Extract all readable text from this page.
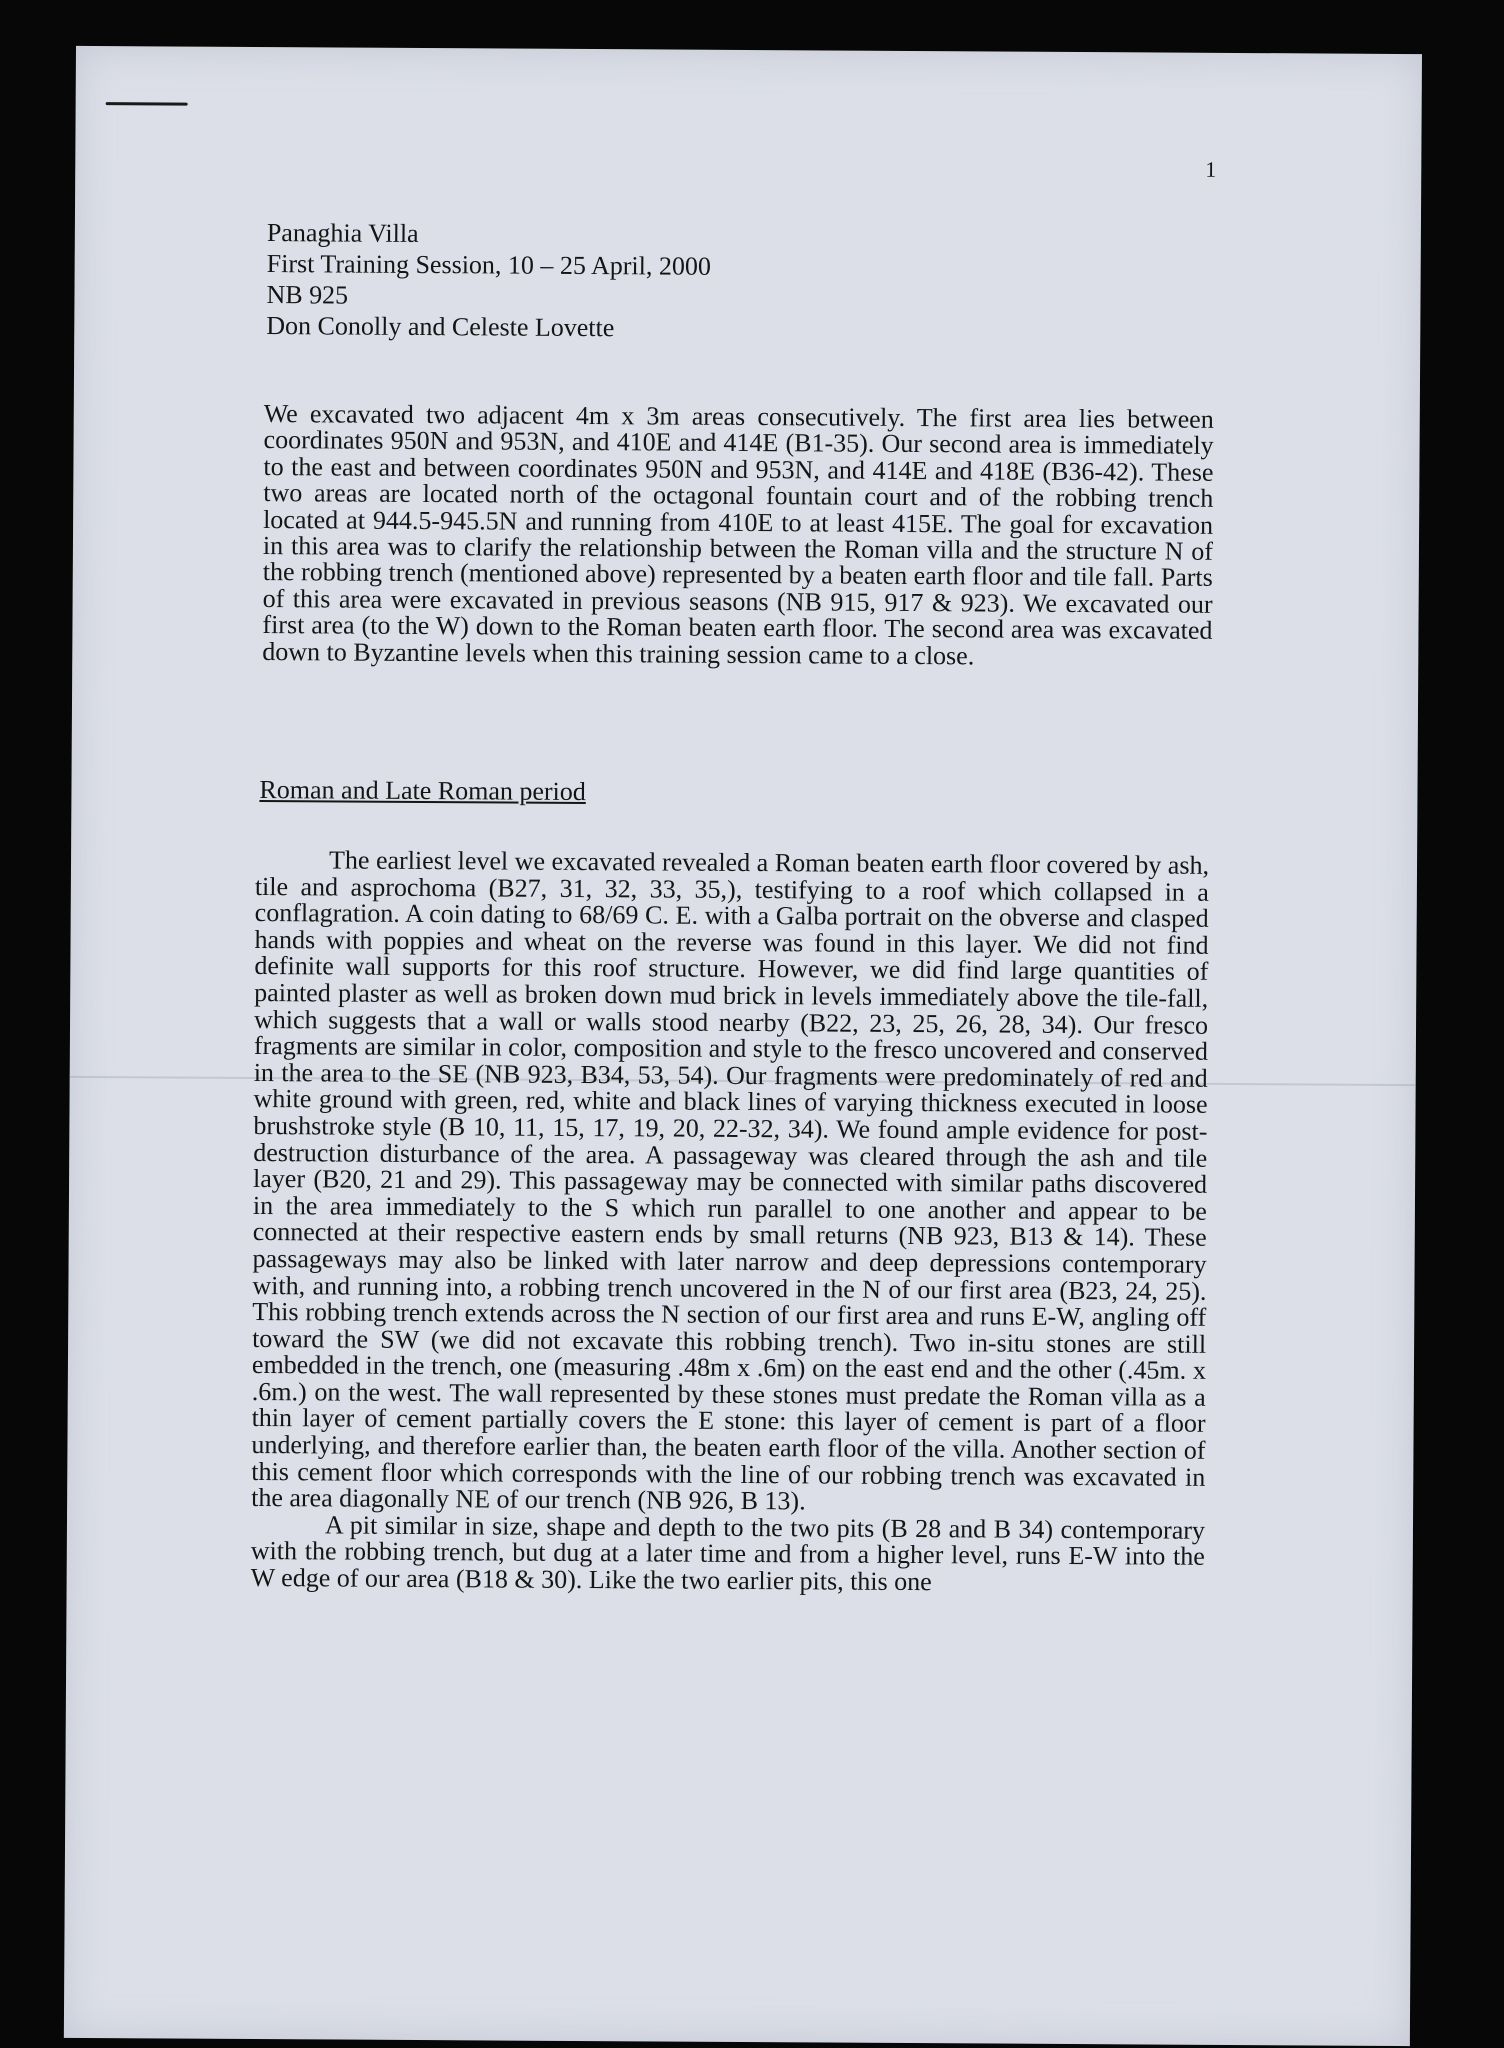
1
Panaghia Villa
First Training Session, 10 – 25 April, 2000
NB 925
Don Conolly and Celeste Lovette

We excavated two adjacent 4m x 3m areas consecutively. The first area lies between coordinates 950N and 953N, and 410E and 414E (B1-35). Our second area is immediately to the east and between coordinates 950N and 953N, and 414E and 418E (B36-42). These two areas are located north of the octagonal fountain court and of the robbing trench located at 944.5-945.5N and running from 410E to at least 415E. The goal for excavation in this area was to clarify the relationship between the Roman villa and the structure N of the robbing trench (mentioned above) represented by a beaten earth floor and tile fall. Parts of this area were excavated in previous seasons (NB 915, 917 & 923). We excavated our first area (to the W) down to the Roman beaten earth floor. The second area was excavated down to Byzantine levels when this training session came to a close.

Roman and Late Roman period

The earliest level we excavated revealed a Roman beaten earth floor covered by ash, tile and asprochoma (B27, 31, 32, 33, 35,), testifying to a roof which collapsed in a conflagration. A coin dating to 68/69 C. E. with a Galba portrait on the obverse and clasped hands with poppies and wheat on the reverse was found in this layer. We did not find definite wall supports for this roof structure. However, we did find large quantities of painted plaster as well as broken down mud brick in levels immediately above the tile-fall, which suggests that a wall or walls stood nearby (B22, 23, 25, 26, 28, 34). Our fresco fragments are similar in color, composition and style to the fresco uncovered and conserved in the area to the SE (NB 923, B34, 53, 54). Our fragments were predominately of red and white ground with green, red, white and black lines of varying thickness executed in loose brushstroke style (B 10, 11, 15, 17, 19, 20, 22-32, 34). We found ample evidence for post-destruction disturbance of the area. A passageway was cleared through the ash and tile layer (B20, 21 and 29). This passageway may be connected with similar paths discovered in the area immediately to the S which run parallel to one another and appear to be connected at their respective eastern ends by small returns (NB 923, B13 & 14). These passageways may also be linked with later narrow and deep depressions contemporary with, and running into, a robbing trench uncovered in the N of our first area (B23, 24, 25). This robbing trench extends across the N section of our first area and runs E-W, angling off toward the SW (we did not excavate this robbing trench). Two in-situ stones are still embedded in the trench, one (measuring .48m x .6m) on the east end and the other (.45m. x .6m.) on the west. The wall represented by these stones must predate the Roman villa as a thin layer of cement partially covers the E stone: this layer of cement is part of a floor underlying, and therefore earlier than, the beaten earth floor of the villa. Another section of this cement floor which corresponds with the line of our robbing trench was excavated in the area diagonally NE of our trench (NB 926, B 13).

A pit similar in size, shape and depth to the two pits (B 28 and B 34) contemporary with the robbing trench, but dug at a later time and from a higher level, runs E-W into the W edge of our area (B18 & 30). Like the two earlier pits, this one
